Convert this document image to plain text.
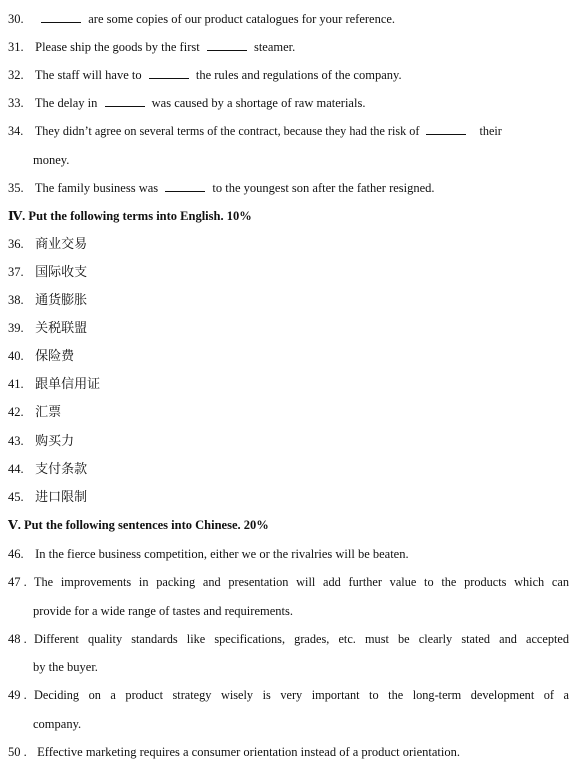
30.	are some copies of our product catalogues for your reference.
31. Please ship the goods by the first	steamer.
32. The staff will have to	the rules and regulations of the company.
33. The delay in	was caused by a shortage of raw materials.
34. They didn’t agree on several terms of the contract, because they had the risk of	their
money.
35. The family business was	to the youngest son after the father resigned.
Ⅳ. Put the following terms into English. 10%
36. 商业交易
37. 国际收支
38. 通货膨胀
39. 关税联盟
40. 保险费
41. 跟单信用证
42. 汇票
43. 购买力
44. 支付条款
45. 进口限制
Ⅴ. Put the following sentences into Chinese. 20%
46. In the fierce business competition, either we or the rivalries will be beaten.
47 . The improvements in packing and presentation will add further value to the products which can
provide for a wide range of tastes and requirements.
48 . Different quality standards like specifications, grades, etc. must be clearly stated and accepted
by the buyer.
49 . Deciding on a product strategy wisely is very important to the long-term development of a
company.
50 . Effective marketing requires a consumer orientation instead of a product orientation.
